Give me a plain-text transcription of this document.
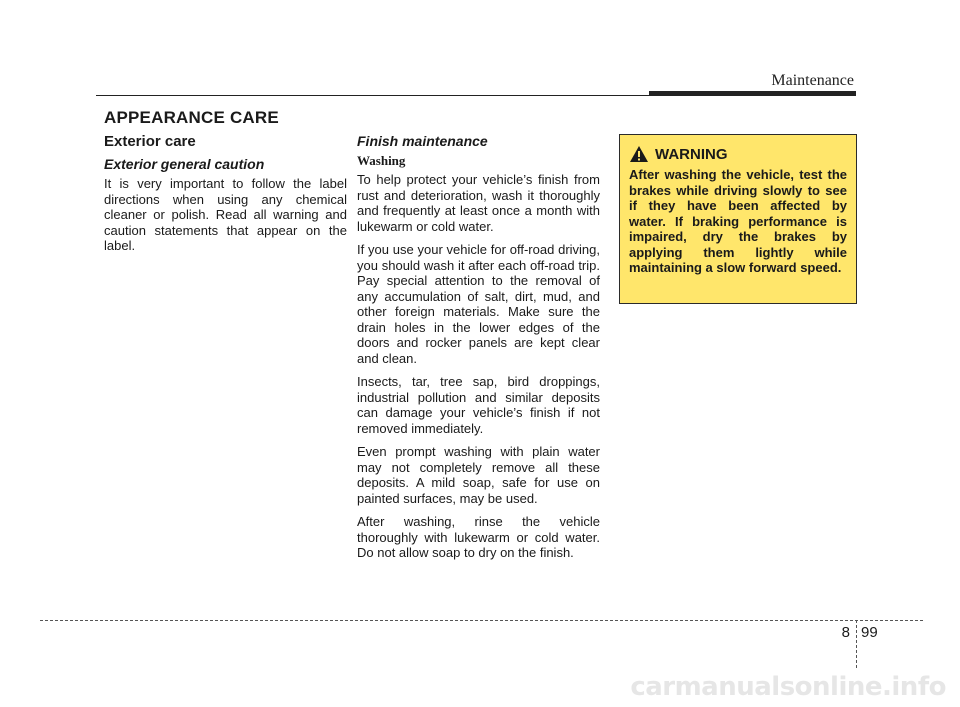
Maintenance
APPEARANCE CARE
Exterior care
Exterior general caution

It is very important to follow the label directions when using any chemical cleaner or polish. Read all warning and caution statements that appear on the label.

Finish maintenance
Washing

To help protect your vehicle’s finish from rust and deterioration, wash it thoroughly and frequently at least once a month with lukewarm or cold water.

If you use your vehicle for off-road driving, you should wash it after each off-road trip. Pay special attention to the removal of any accumulation of salt, dirt, mud, and other foreign materials. Make sure the drain holes in the lower edges of the doors and rocker panels are kept clear and clean.

Insects, tar, tree sap, bird droppings, industrial pollution and similar deposits can damage your vehicle’s finish if not removed immediately.

Even prompt washing with plain water may not completely remove all these deposits. A mild soap, safe for use on painted surfaces, may be used.

After washing, rinse the vehicle thoroughly with lukewarm or cold water. Do not allow soap to dry on the finish.

WARNING
After washing the vehicle, test the brakes while driving slowly to see if they have been affected by water. If braking performance is impaired, dry the brakes by applying them lightly while maintaining a slow forward speed.
8 99
carmanualsonline.info
